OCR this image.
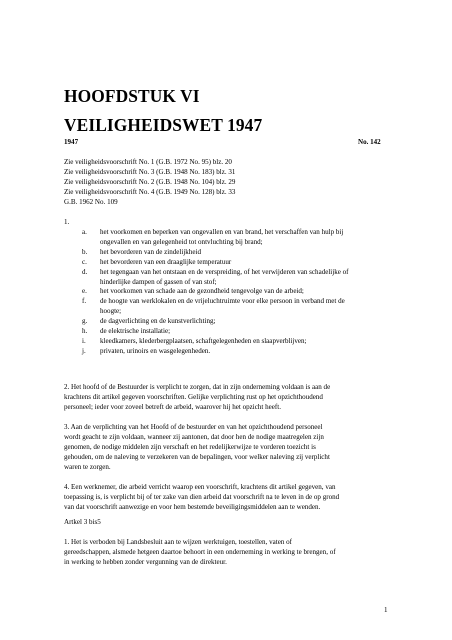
HOOFDSTUK VI
VEILIGHEIDSWET 1947
1947	No. 142
Zie veiligheidsvoorschrift No. 1 (G.B. 1972 No. 95) blz. 20
Zie veiligheidsvoorschrift No. 3 (G.B. 1948 No. 183) blz. 31
Zie veiligheidsvoorschrift No. 2 (G.B. 1948 No. 104) blz. 29
Zie veiligheidsvoorschrift No. 4 (G.B. 1949 No. 128) blz. 33
G.B. 1962 No. 109
1.
a. het voorkomen en beperken van ongevallen en van brand, het verschaffen van hulp bij
ongevallen en van gelegenheid tot ontvluchting bij brand;
b. het bevorderen van de zindelijkheid
c. het bevorderen van een draaglijke temperatuur
d. het tegengaan van het ontstaan en de verspreiding, of het verwijderen van schadelijke of
hinderlijke dampen of gassen of van stof;
e. het voorkomen van schade aan de gezondheid tengevolge van de arbeid;
f. de hoogte van werklokalen en de vrijeluchtruimte voor elke persoon in verband met de
hoogte;
g. de dagverlichting en de kunstverlichting;
h. de elektrische installatie;
i. kleedkamers, klederbergplaatsen, schaftgelegenheden en slaapverblijven;
j. privaten, urinoirs en wasgelegenheden.
2. Het hoofd of de Bestuurder is verplicht te zorgen, dat in zijn onderneming voldaan is aan de
krachtens dit artikel gegeven voorschriften. Gelijke verplichting rust op het opzichthoudend
personeel; ieder voor zoveel betreft de arbeid, waarover hij het opzicht heeft.
3. Aan de verplichting van het Hoofd of de bestuurder en van het opzichthoudend personeel
wordt geacht te zijn voldaan, wanneer zij aantonen, dat door hen de nodige maatregelen zijn
genomen, de nodige middelen zijn verschaft en het redelijkerwijze te vorderen toezicht is
gehouden, om de naleving te verzekeren van de bepalingen, voor welker naleving zij verplicht
waren te zorgen.
4. Een werknemer, die arbeid verricht waarop een voorschrift, krachtens dit artikel gegeven, van
toepassing is, is verplicht bij of ter zake van dien arbeid dat voorschrift na te leven in de op grond
van dat voorschrift aanwezige en voor hem bestemde beveiligingsmiddelen aan te wenden.
Artkel 3 bis5
1. Het is verboden bij Landsbesluit aan te wijzen werktuigen, toestellen, vaten of
gereedschappen, alsmede hetgeen daartoe behoort in een onderneming in werking te brengen, of
in werking te hebben zonder vergunning van de direkteur.
1
